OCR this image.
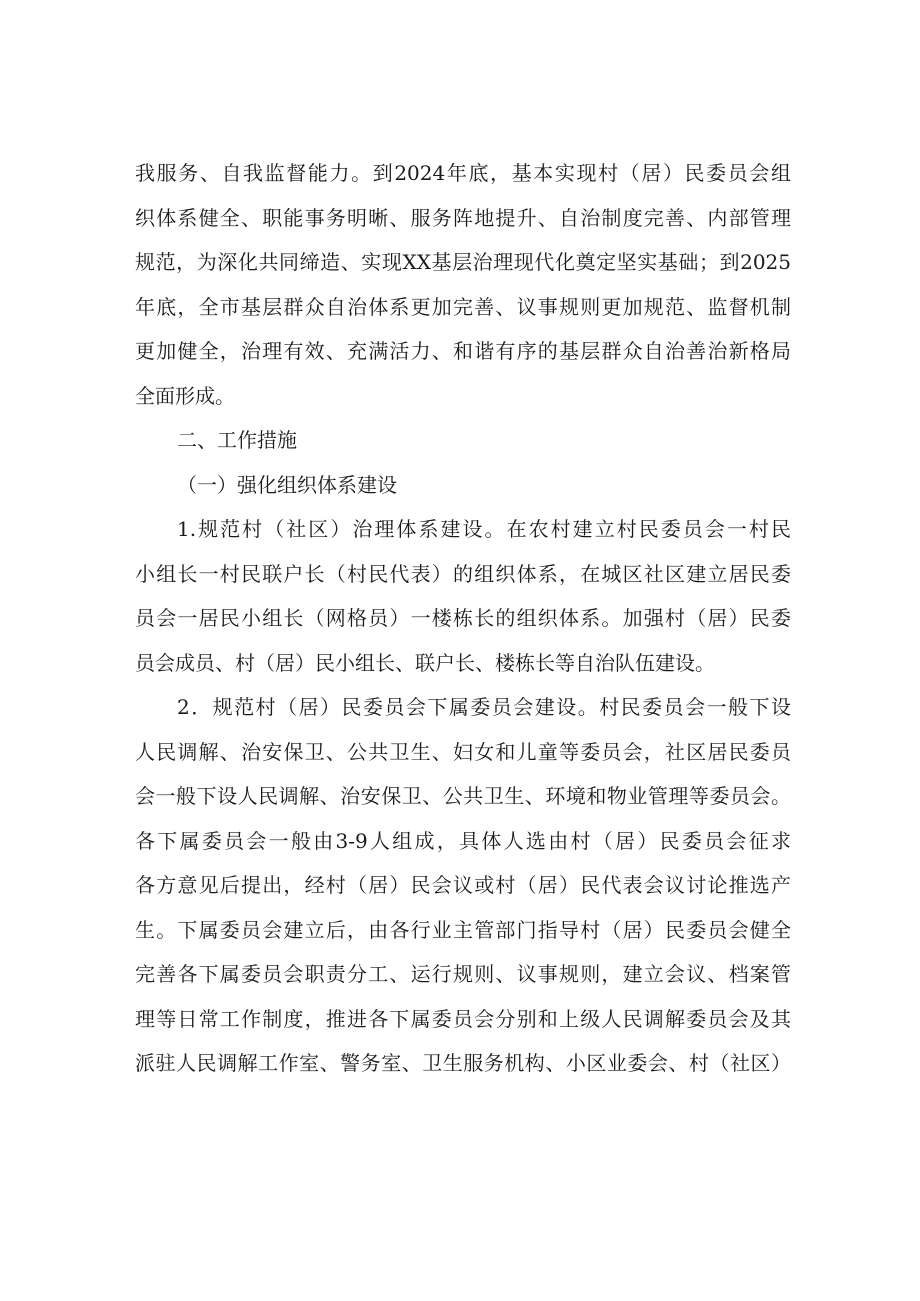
我服务、自我监督能力。到2024年底，基本实现村（居）民委员会组
织体系健全、职能事务明晰、服务阵地提升、自治制度完善、内部管理
规范，为深化共同缔造、实现XX基层治理现代化奠定坚实基础；到2025
年底，全市基层群众自治体系更加完善、议事规则更加规范、监督机制
更加健全，治理有效、充满活力、和谐有序的基层群众自治善治新格局
全面形成。
二、工作措施
（一）强化组织体系建设
1.规范村（社区）治理体系建设。在农村建立村民委员会一村民
小组长一村民联户长（村民代表）的组织体系，在城区社区建立居民委
员会一居民小组长（网格员）一楼栋长的组织体系。加强村（居）民委
员会成员、村（居）民小组长、联户长、楼栋长等自治队伍建设。
2．规范村（居）民委员会下属委员会建设。村民委员会一般下设
人民调解、治安保卫、公共卫生、妇女和儿童等委员会，社区居民委员
会一般下设人民调解、治安保卫、公共卫生、环境和物业管理等委员会。
各下属委员会一般由3-9人组成，具体人选由村（居）民委员会征求
各方意见后提出，经村（居）民会议或村（居）民代表会议讨论推选产
生。下属委员会建立后，由各行业主管部门指导村（居）民委员会健全
完善各下属委员会职责分工、运行规则、议事规则，建立会议、档案管
理等日常工作制度，推进各下属委员会分别和上级人民调解委员会及其
派驻人民调解工作室、警务室、卫生服务机构、小区业委会、村（社区）
